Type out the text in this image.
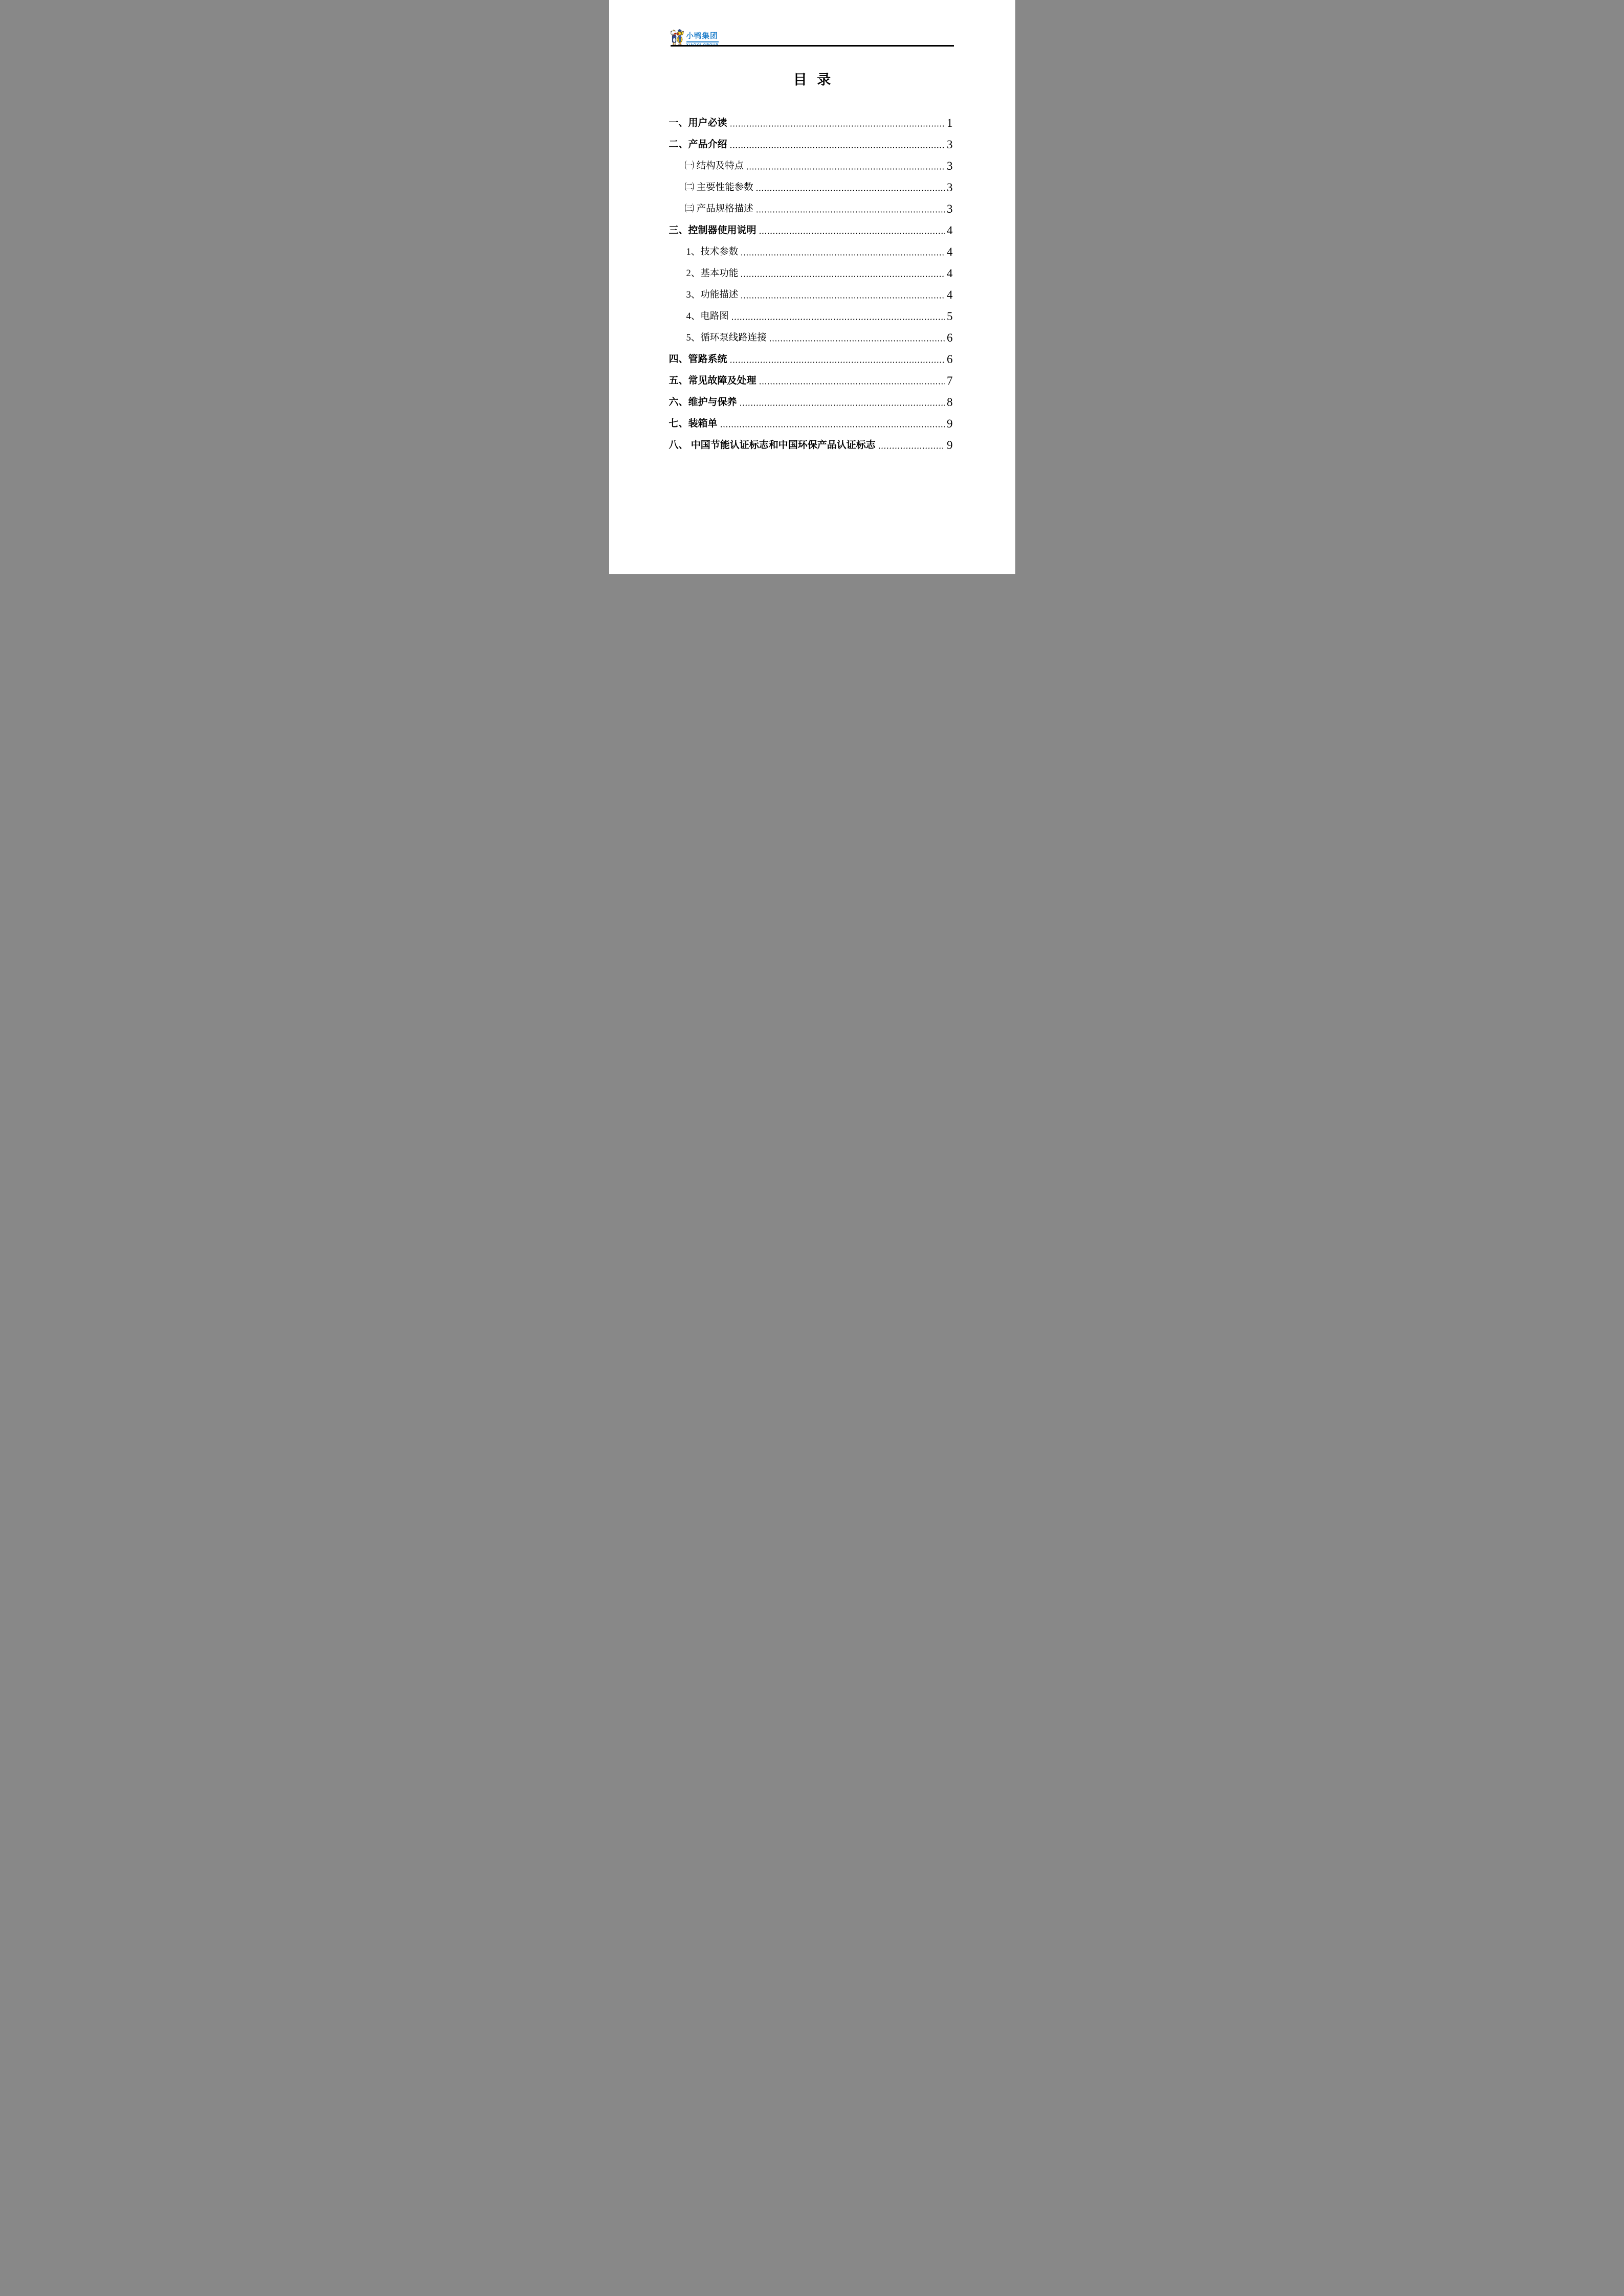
小鸭集团
目 录
一、用户必读	1
二、产品介绍	3
㈠ 结构及特点	3
㈡ 主要性能参数	3
㈢ 产品规格描述	3
三、控制器使用说明	4
1、技术参数	4
2、基本功能	4
3、功能描述	4
4、电路图	5
5、循环泵线路连接	6
四、管路系统	6
五、常见故障及处理	7
六、维护与保养	8
七、装箱单	9
八、 中国节能认证标志和中国环保产品认证标志	9
